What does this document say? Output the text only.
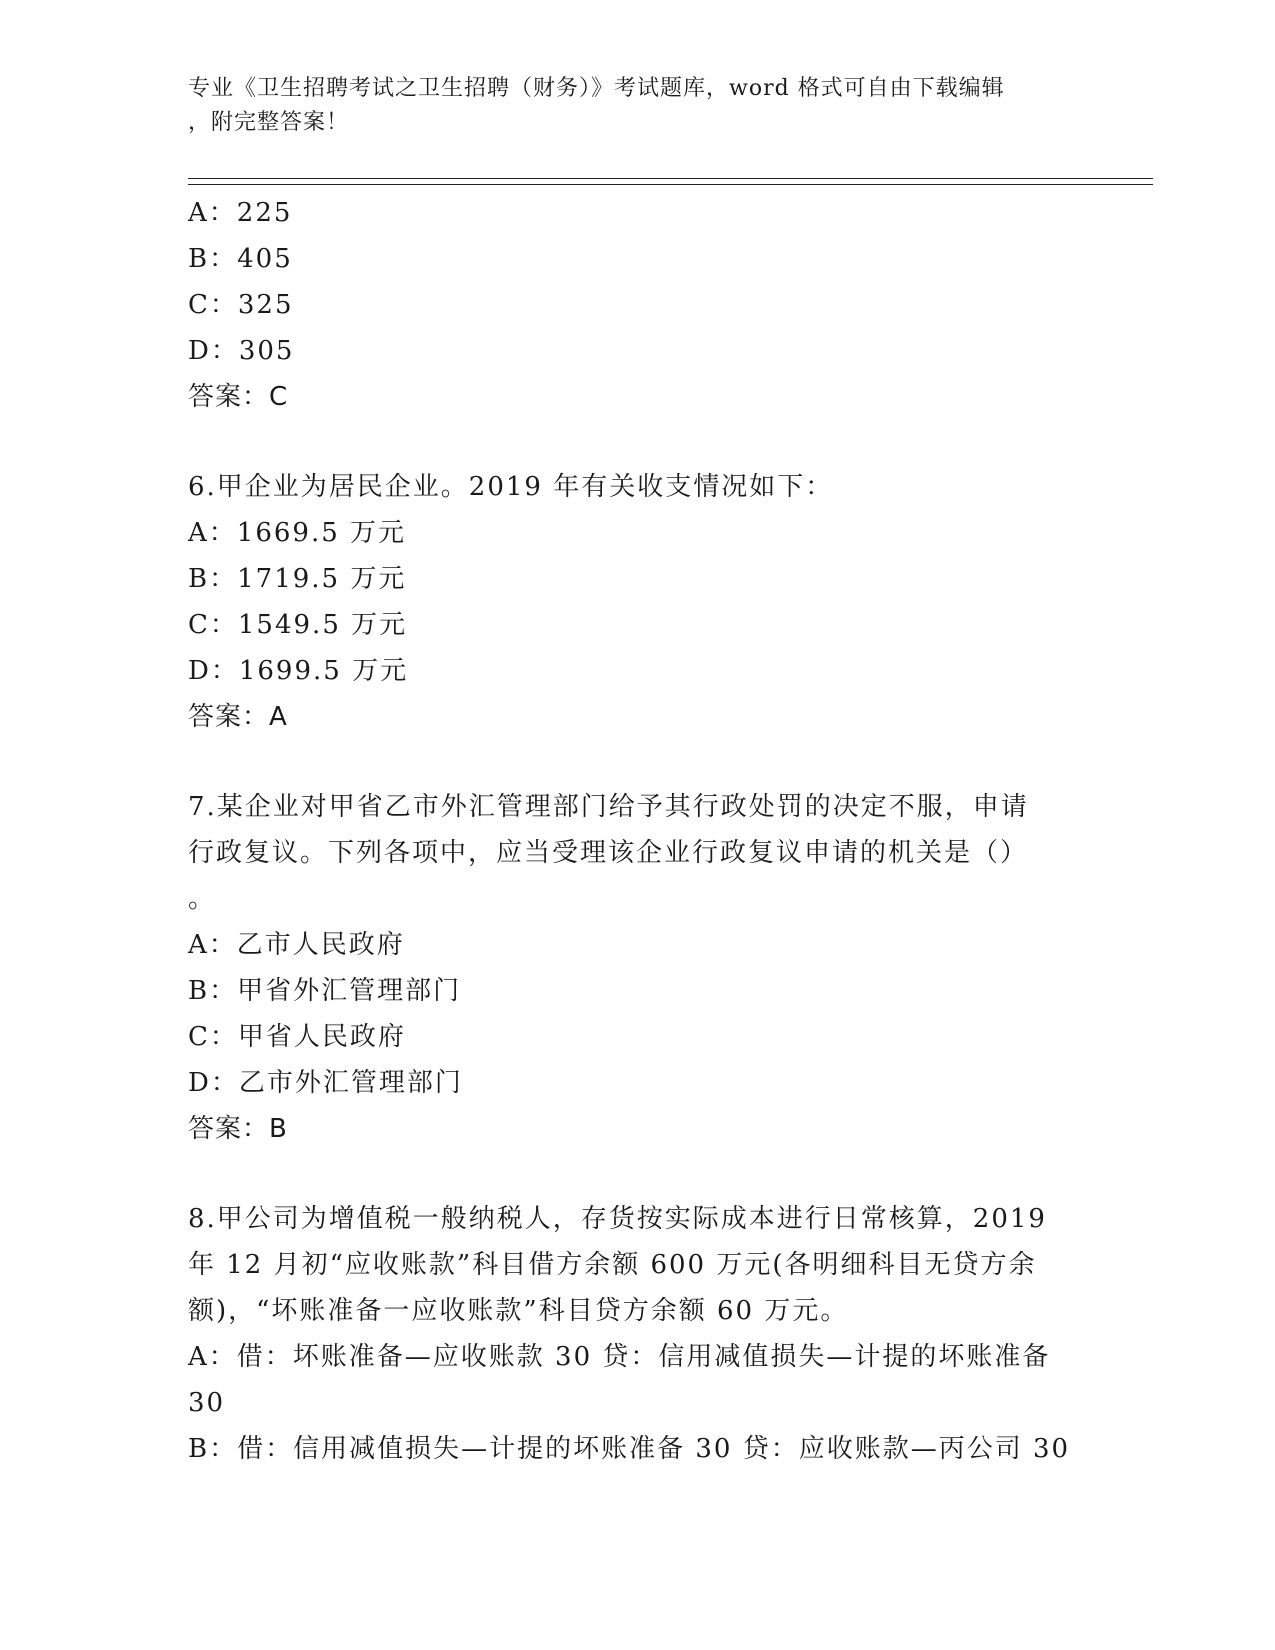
专业《卫生招聘考试之卫生招聘（财务）》考试题库，word 格式可自由下载编辑
，附完整答案！
A：225
B：405
C：325
D：305
答案：C
6.甲企业为居民企业。2019 年有关收支情况如下：
A：1669.5 万元
B：1719.5 万元
C：1549.5 万元
D：1699.5 万元
答案：A
7.某企业对甲省乙市外汇管理部门给予其行政处罚的决定不服，申请
行政复议。下列各项中，应当受理该企业行政复议申请的机关是（）
。
A：乙市人民政府
B：甲省外汇管理部门
C：甲省人民政府
D：乙市外汇管理部门
答案：B
8.甲公司为增值税一般纳税人，存货按实际成本进行日常核算，2019
年 12 月初“应收账款”科目借方余额 600 万元(各明细科目无贷方余
额)，“坏账准备一应收账款”科目贷方余额 60 万元。
A：借：坏账准备—应收账款 30 贷：信用减值损失—计提的坏账准备
30
B：借：信用减值损失—计提的坏账准备 30 贷：应收账款—丙公司 30
